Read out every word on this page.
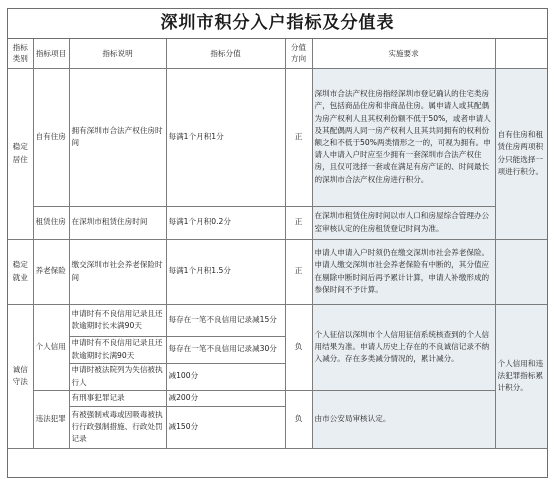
深圳市积分入户指标及分值表
指标类别	指标项目	指标说明	指标分值	分值方向	实施要求	
稳定居住	自有住房	拥有深圳市合法产权住房时间	每满1个月积1分	正	深圳市合法产权住房指经深圳市登记确认的住宅类房产，包括商品住房和非商品住房。属申请人或其配偶为房产权利人且其权利份额不低于50%，或者申请人及其配偶两人同一房产权利人且其共同拥有的权利份额之和不低于50%两类情形之一的，可视为拥有。申请人申请入户时应至少拥有一套深圳市合法产权住房，且仅可选择一套或在满足有房产证的、时间最长的深圳市合法产权住房进行积分。	自有住房和租赁住房两项积分只能选择一项进行积分。
	租赁住房	在深圳市租赁住房时间	每满1个月积0.2分	正	在深圳市租赁住房时间以市人口和房屋综合管理办公室审核认定的住房租赁登记时间为准。	
稳定就业	养老保险	缴交深圳市社会养老保险时间	每满1个月积1.5分	正	申请人申请入户时须仍在缴交深圳市社会养老保险。申请人缴交深圳市社会养老保险有中断的，其分值应在剔除中断时间后再予累计计算，申请人补缴形成的参保时间不予计算。	
诚信守法	个人信用	申请时有不良信用记录且还款逾期时长未满90天	每存在一笔不良信用记录减15分	负	个人征信以深圳市个人信用征信系统核查到的个人信用结果为准。申请人历史上存在的不良诚信记录不纳入减分。存在多类减分情况的，累计减分。	个人信用和违法犯罪指标累计积分。
		申请时有不良信用记录且还款逾期时长满90天	每存在一笔不良信用记录减30分			
		申请时被法院列为失信被执行人	减100分			
	违法犯罪	有刑事犯罪记录	减200分	负	由市公安局审核认定。	
		有被强制戒毒或因吸毒被执行行政强制措施、行政处罚记录	减150分			
